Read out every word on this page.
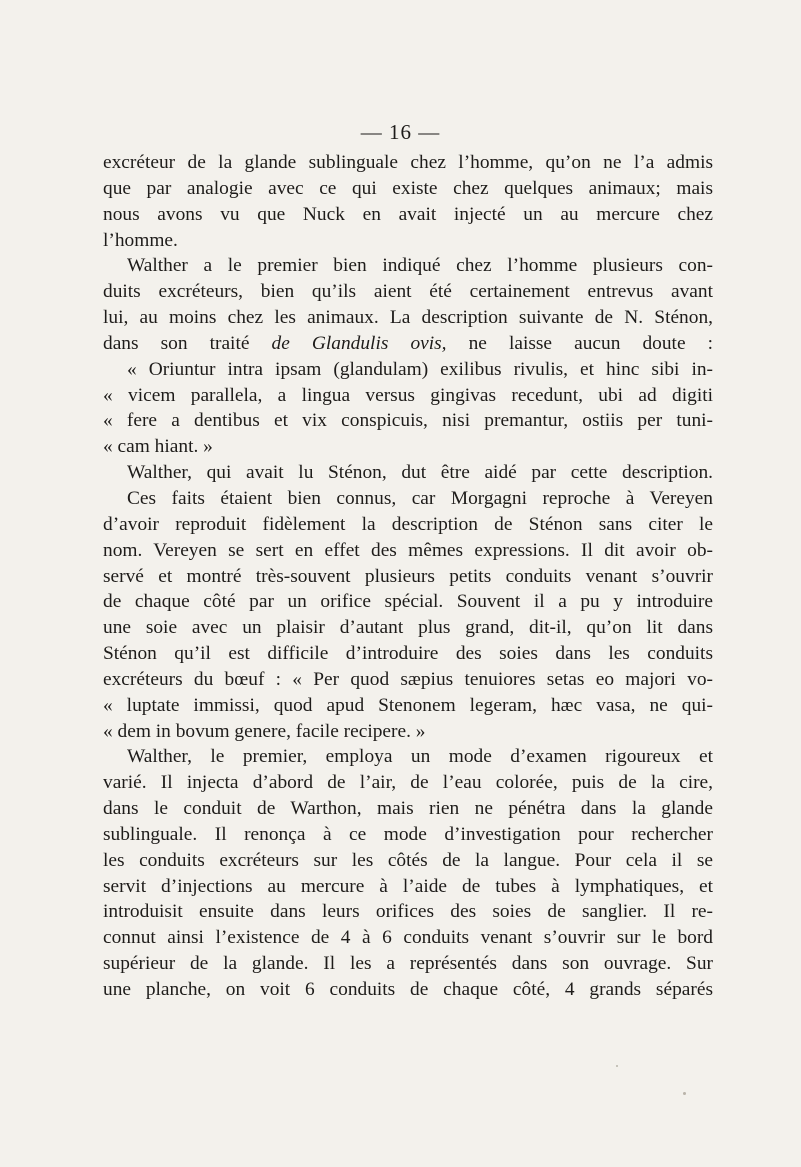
— 16 —
excréteur de la glande sublinguale chez l’homme, qu’on ne l’a admis
que par analogie avec ce qui existe chez quelques animaux; mais
nous avons vu que Nuck en avait injecté un au mercure chez
l’homme.
Walther a le premier bien indiqué chez l’homme plusieurs con-
duits excréteurs, bien qu’ils aient été certainement entrevus avant
lui, au moins chez les animaux. La description suivante de N. Sténon,
dans son traité de Glandulis ovis, ne laisse aucun doute :
« Oriuntur intra ipsam (glandulam) exilibus rivulis, et hinc sibi in-
« vicem parallela, a lingua versus gingivas recedunt, ubi ad digiti
« fere a dentibus et vix conspicuis, nisi premantur, ostiis per tuni-
« cam hiant. »
Walther, qui avait lu Sténon, dut être aidé par cette description.
Ces faits étaient bien connus, car Morgagni reproche à Vereyen
d’avoir reproduit fidèlement la description de Sténon sans citer le
nom. Vereyen se sert en effet des mêmes expressions. Il dit avoir ob-
servé et montré très-souvent plusieurs petits conduits venant s’ouvrir
de chaque côté par un orifice spécial. Souvent il a pu y introduire
une soie avec un plaisir d’autant plus grand, dit-il, qu’on lit dans
Sténon qu’il est difficile d’introduire des soies dans les conduits
excréteurs du bœuf : « Per quod sæpius tenuiores setas eo majori vo-
« luptate immissi, quod apud Stenonem legeram, hæc vasa, ne qui-
« dem in bovum genere, facile recipere. »
Walther, le premier, employa un mode d’examen rigoureux et
varié. Il injecta d’abord de l’air, de l’eau colorée, puis de la cire,
dans le conduit de Warthon, mais rien ne pénétra dans la glande
sublinguale. Il renonça à ce mode d’investigation pour rechercher
les conduits excréteurs sur les côtés de la langue. Pour cela il se
servit d’injections au mercure à l’aide de tubes à lymphatiques, et
introduisit ensuite dans leurs orifices des soies de sanglier. Il re-
connut ainsi l’existence de 4 à 6 conduits venant s’ouvrir sur le bord
supérieur de la glande. Il les a représentés dans son ouvrage. Sur
une planche, on voit 6 conduits de chaque côté, 4 grands séparés
